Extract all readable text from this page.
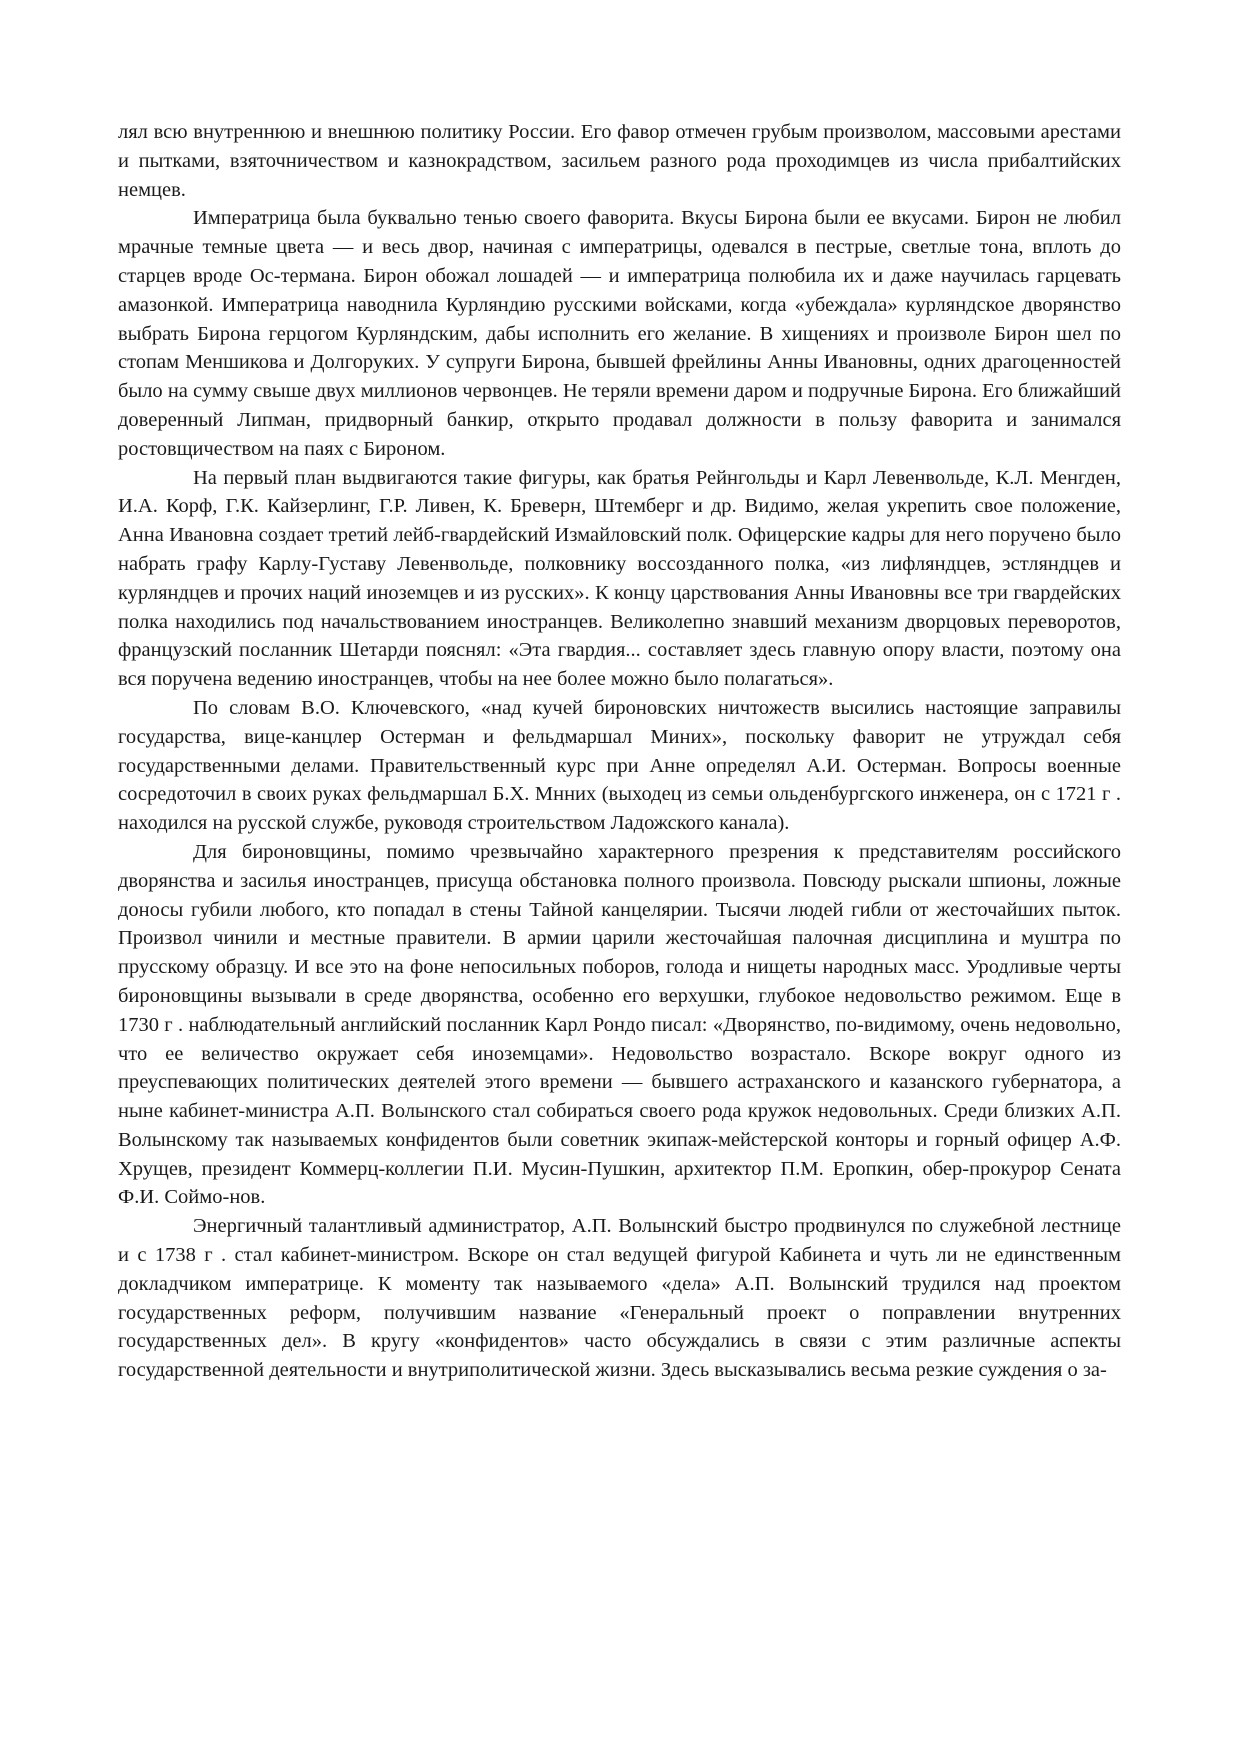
лял всю внутреннюю и внешнюю политику России. Его фавор отмечен грубым произволом, массовыми арестами и пытками, взяточничеством и казнокрадством, засильем разного рода проходимцев из числа прибалтийских немцев.

Императрица была буквально тенью своего фаворита. Вкусы Бирона были ее вкусами. Бирон не любил мрачные темные цвета — и весь двор, начиная с императрицы, одевался в пестрые, светлые тона, вплоть до старцев вроде Ос-термана. Бирон обожал лошадей — и императрица полюбила их и даже научилась гарцевать амазонкой. Императрица наводнила Курляндию русскими войсками, когда «убеждала» курляндское дворянство выбрать Бирона герцогом Курляндским, дабы исполнить его желание. В хищениях и произволе Бирон шел по стопам Меншикова и Долгоруких. У супруги Бирона, бывшей фрейлины Анны Ивановны, одних драгоценностей было на сумму свыше двух миллионов червонцев. Не теряли времени даром и подручные Бирона. Его ближайший доверенный Липман, придворный банкир, открыто продавал должности в пользу фаворита и занимался ростовщичеством на паях с Бироном.

На первый план выдвигаются такие фигуры, как братья Рейнгольды и Карл Левенвольде, К.Л. Менгден, И.А. Корф, Г.К. Кайзерлинг, Г.Р. Ливен, К. Бреверн, Штемберг и др. Видимо, желая укрепить свое положение, Анна Ивановна создает третий лейб-гвардейский Измайловский полк. Офицерские кадры для него поручено было набрать графу Карлу-Густаву Левенвольде, полковнику воссозданного полка, «из лифляндцев, эстляндцев и курляндцев и прочих наций иноземцев и из русских». К концу царствования Анны Ивановны все три гвардейских полка находились под начальствованием иностранцев. Великолепно знавший механизм дворцовых переворотов, французский посланник Шетарди пояснял: «Эта гвардия... составляет здесь главную опору власти, поэтому она вся поручена ведению иностранцев, чтобы на нее более можно было полагаться».

По словам В.О. Ключевского, «над кучей бироновских ничтожеств высились настоящие заправилы государства, вице-канцлер Остерман и фельдмаршал Миних», поскольку фаворит не утруждал себя государственными делами. Правительственный курс при Анне определял А.И. Остерман. Вопросы военные сосредоточил в своих руках фельдмаршал Б.Х. Мнних (выходец из семьи ольденбургского инженера, он с 1721 г . находился на русской службе, руководя строительством Ладожского канала).

Для бироновщины, помимо чрезвычайно характерного презрения к представителям российского дворянства и засилья иностранцев, присуща обстановка полного произвола. Повсюду рыскали шпионы, ложные доносы губили любого, кто попадал в стены Тайной канцелярии. Тысячи людей гибли от жесточайших пыток. Произвол чинили и местные правители. В армии царили жесточайшая палочная дисциплина и муштра по прусскому образцу. И все это на фоне непосильных поборов, голода и нищеты народных масс. Уродливые черты бироновщины вызывали в среде дворянства, особенно его верхушки, глубокое недовольство режимом. Еще в 1730 г . наблюдательный английский посланник Карл Рондо писал: «Дворянство, по-видимому, очень недовольно, что ее величество окружает себя иноземцами». Недовольство возрастало. Вскоре вокруг одного из преуспевающих политических деятелей этого времени — бывшего астраханского и казанского губернатора, а ныне кабинет-министра А.П. Волынского стал собираться своего рода кружок недовольных. Среди близких А.П. Волынскому так называемых конфидентов были советник экипаж-мейстерской конторы и горный офицер А.Ф. Хрущев, президент Коммерц-коллегии П.И. Мусин-Пушкин, архитектор П.М. Еропкин, обер-прокурор Сената Ф.И. Соймо-нов.

Энергичный талантливый администратор, А.П. Волынский быстро продвинулся по служебной лестнице и с 1738 г . стал кабинет-министром. Вскоре он стал ведущей фигурой Кабинета и чуть ли не единственным докладчиком императрице. К моменту так называемого «дела» А.П. Волынский трудился над проектом государственных реформ, получившим название «Генеральный проект о поправлении внутренних государственных дел». В кругу «конфидентов» часто обсуждались в связи с этим различные аспекты государственной деятельности и внутриполитической жизни. Здесь высказывались весьма резкие суждения о за-
